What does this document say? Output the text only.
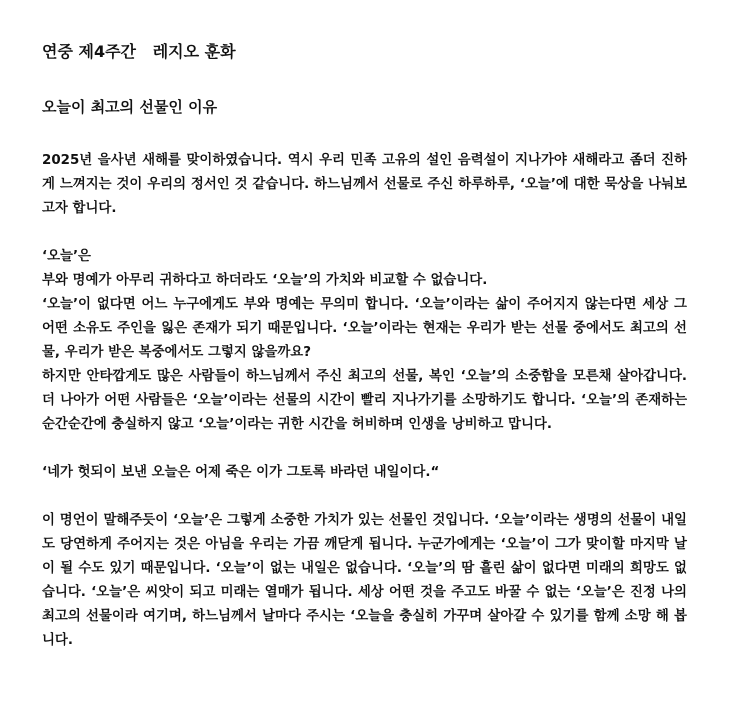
연중 제4주간   레지오 훈화
오늘이 최고의 선물인 이유

2025년 을사년 새해를 맞이하였습니다. 역시 우리 민족 고유의 설인 음력설이 지나가야 새해라고 좀더 진하게 느껴지는 것이 우리의 정서인 것 같습니다. 하느님께서 선물로 주신 하루하루, ‘오늘’에 대한 묵상을 나눠보고자 합니다.

‘오늘’은

부와 명예가 아무리 귀하다고 하더라도 ‘오늘’의 가치와 비교할 수 없습니다.

‘오늘’이 없다면 어느 누구에게도 부와 명예는 무의미 합니다. ‘오늘’이라는 삶이 주어지지 않는다면 세상 그 어떤 소유도 주인을 잃은 존재가 되기 때문입니다. ‘오늘’이라는 현재는 우리가 받는 선물 중에서도 최고의 선물, 우리가 받은 복중에서도 그렇지 않을까요?

하지만 안타깝게도 많은 사람들이 하느님께서 주신 최고의 선물, 복인 ‘오늘’의 소중함을 모른채 살아갑니다. 더 나아가 어떤 사람들은 ‘오늘’이라는 선물의 시간이 빨리 지나가기를 소망하기도 합니다. ‘오늘’의 존재하는 순간순간에 충실하지 않고 ‘오늘’이라는 귀한 시간을 허비하며 인생을 낭비하고 맙니다.

‘네가 헛되이 보낸 오늘은 어제 죽은 이가 그토록 바라던 내일이다.“

이 명언이 말해주듯이 ‘오늘’은 그렇게 소중한 가치가 있는 선물인 것입니다. ‘오늘’이라는 생명의 선물이 내일도 당연하게 주어지는 것은 아님을 우리는 가끔 깨닫게 됩니다. 누군가에게는 ‘오늘’이 그가 맞이할 마지막 날이 될 수도 있기 때문입니다. ‘오늘’이 없는 내일은 없습니다. ‘오늘’의 땀 흘린 삶이 없다면 미래의 희망도 없습니다. ‘오늘’은 씨앗이 되고 미래는 열매가 됩니다. 세상 어떤 것을 주고도 바꿀 수 없는 ‘오늘’은 진정 나의 최고의 선물이라 여기며, 하느님께서 날마다 주시는 ‘오늘을 충실히 가꾸며 살아갈 수 있기를 함께 소망 해 봅니다.
